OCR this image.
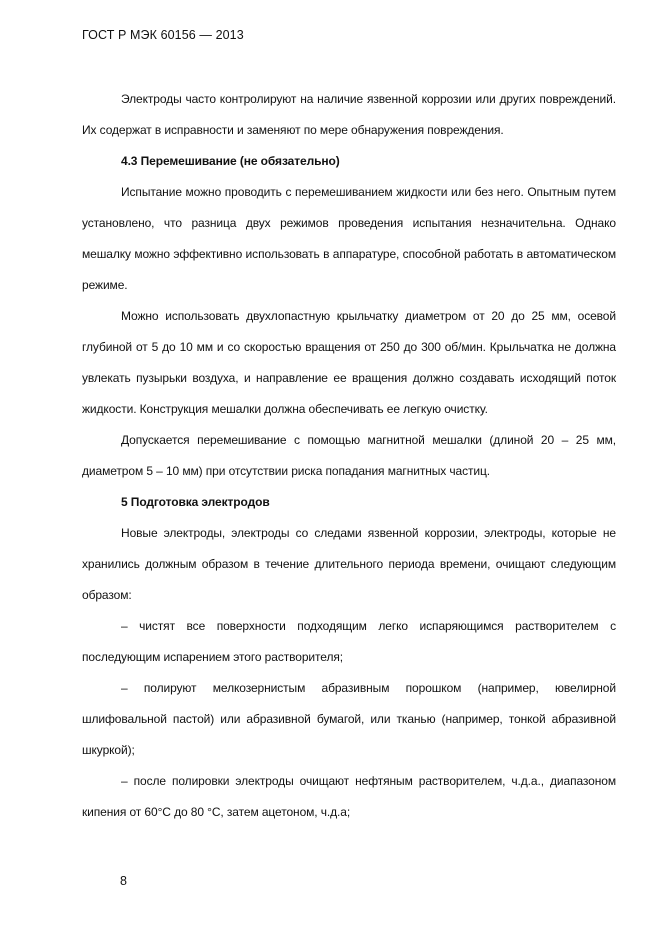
ГОСТ Р МЭК 60156 — 2013

Электроды часто контролируют на наличие язвенной коррозии или других повреждений. Их содержат в исправности и заменяют по мере обнаружения повреждения.

4.3 Перемешивание (не обязательно)

Испытание можно проводить с перемешиванием жидкости или без него. Опытным путем установлено, что разница двух режимов проведения испытания незначительна. Однако мешалку можно эффективно использовать в аппаратуре, способной работать в автоматическом режиме.

Можно использовать двухлопастную крыльчатку диаметром от 20 до 25 мм, осевой глубиной от 5 до 10 мм и со скоростью вращения от 250 до 300 об/мин. Крыльчатка не должна увлекать пузырьки воздуха, и направление ее вращения должно создавать исходящий поток жидкости. Конструкция мешалки должна обеспечивать ее легкую очистку.

Допускается перемешивание с помощью магнитной мешалки (длиной 20 – 25 мм, диаметром 5 – 10 мм) при отсутствии риска попадания магнитных частиц.

5 Подготовка электродов

Новые электроды, электроды со следами язвенной коррозии, электроды, которые не хранились должным образом в течение длительного периода времени, очищают следующим образом:

– чистят все поверхности подходящим легко испаряющимся растворителем с последующим испарением этого растворителя;

– полируют мелкозернистым абразивным порошком (например, ювелирной шлифовальной пастой) или абразивной бумагой, или тканью (например, тонкой абразивной шкуркой);

– после полировки электроды очищают нефтяным растворителем, ч.д.а., диапазоном кипения от 60°С до 80 °С, затем ацетоном, ч.д.а;

8
